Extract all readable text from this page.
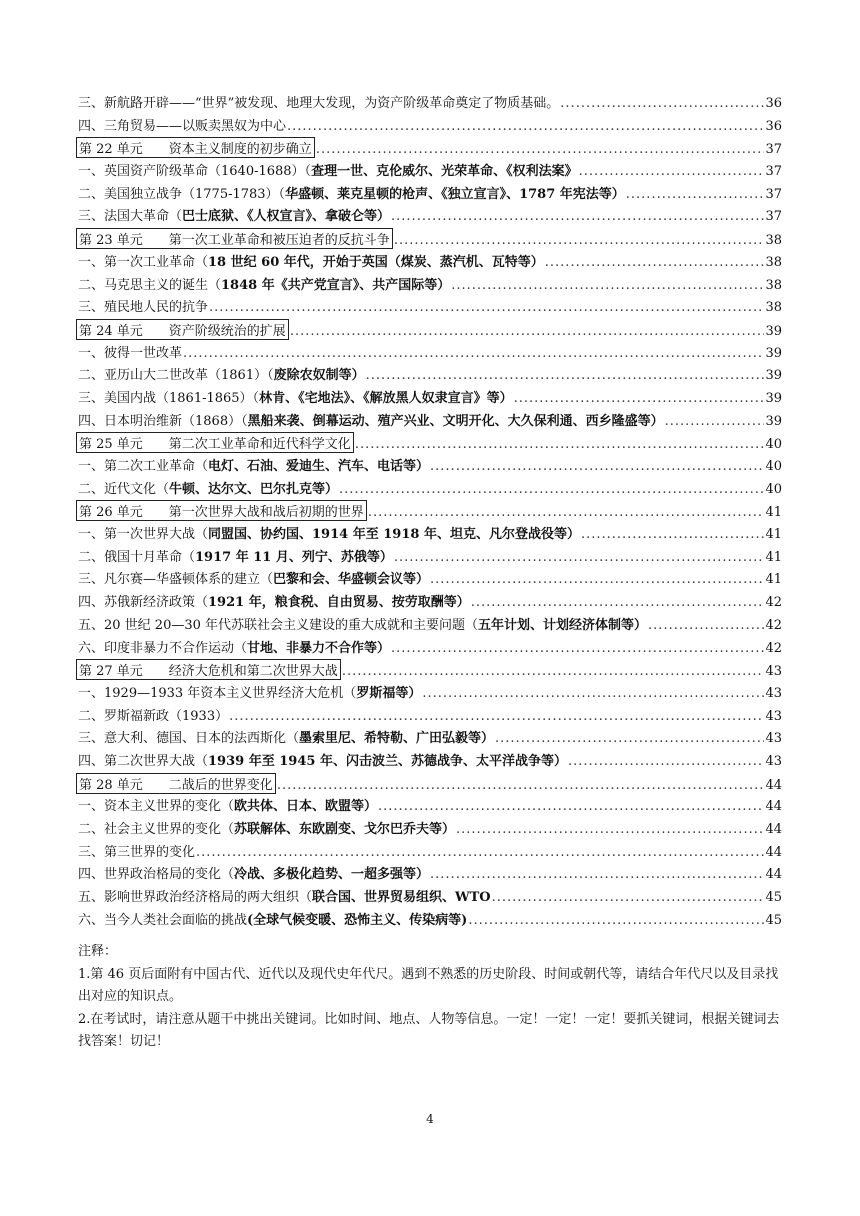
三、新航路开辟——“世界”被发现、地理大发现，为资产阶级革命奠定了物质基础。 .....	36
四、三角贸易——以贩卖黑奴为中心 .....	36
第 22 单元　　资本主义制度的初步确立 .....	37
一、英国资产阶级革命（1640-1688）（查理一世、克伦威尔、光荣革命、《权利法案》 .....	37
二、美国独立战争（1775-1783）（华盛顿、莱克星顿的枪声、《独立宣言》、1787 年宪法等） .....	37
三、法国大革命（巴士底狱、《人权宣言》、拿破仑等） .....	37
第 23 单元　　第一次工业革命和被压迫者的反抗斗争 .....	38
一、第一次工业革命（18 世纪 60 年代，开始于英国（煤炭、蒸汽机、瓦特等） .....	38
二、马克思主义的诞生（1848 年《共产党宣言》、共产国际等） .....	38
三、殖民地人民的抗争 .....	38
第 24 单元　　资产阶级统治的扩展 .....	39
一、彼得一世改革 .....	39
二、亚历山大二世改革（1861）（废除农奴制等） .....	39
三、美国内战（1861-1865）（林肯、《宅地法》、《解放黑人奴隶宣言》等） .....	39
四、日本明治维新（1868）（黑船来袭、倒幕运动、殖产兴业、文明开化、大久保利通、西乡隆盛等） .....	39
第 25 单元　　第二次工业革命和近代科学文化 .....	40
一、第二次工业革命（电灯、石油、爱迪生、汽车、电话等） .....	40
二、近代文化（牛顿、达尔文、巴尔扎克等） .....	40
第 26 单元　　第一次世界大战和战后初期的世界 .....	41
一、第一次世界大战（同盟国、协约国、1914 年至 1918 年、坦克、凡尔登战役等） .....	41
二、俄国十月革命（1917 年 11 月、列宁、苏俄等） .....	41
三、凡尔赛—华盛顿体系的建立（巴黎和会、华盛顿会议等） .....	41
四、苏俄新经济政策（1921 年，粮食税、自由贸易、按劳取酬等） .....	42
五、20 世纪 20—30 年代苏联社会主义建设的重大成就和主要问题（五年计划、计划经济体制等） .....	42
六、印度非暴力不合作运动（甘地、非暴力不合作等） .....	42
第 27 单元　　经济大危机和第二次世界大战 .....	43
一、1929—1933 年资本主义世界经济大危机（罗斯福等） .....	43
二、罗斯福新政（1933） .....	43
三、意大利、德国、日本的法西斯化（墨索里尼、希特勒、广田弘毅等） .....	43
四、第二次世界大战（1939 年至 1945 年、闪击波兰、苏德战争、太平洋战争等） .....	43
第 28 单元　　二战后的世界变化 .....	44
一、资本主义世界的变化（欧共体、日本、欧盟等） .....	44
二、社会主义世界的变化（苏联解体、东欧剧变、戈尔巴乔夫等） .....	44
三、第三世界的变化 .....	44
四、世界政治格局的变化（冷战、多极化趋势、一超多强等） .....	44
五、影响世界政治经济格局的两大组织（联合国、世界贸易组织、WTO .....	45
六、当今人类社会面临的挑战(全球气候变暖、恐怖主义、传染病等) .....	45

注释：

1.第 46 页后面附有中国古代、近代以及现代史年代尺。遇到不熟悉的历史阶段、时间或朝代等，请结合年代尺以及目录找出对应的知识点。

2.在考试时，请注意从题干中挑出关键词。比如时间、地点、人物等信息。一定！一定！一定！要抓关键词，根据关键词去找答案！切记！

4
